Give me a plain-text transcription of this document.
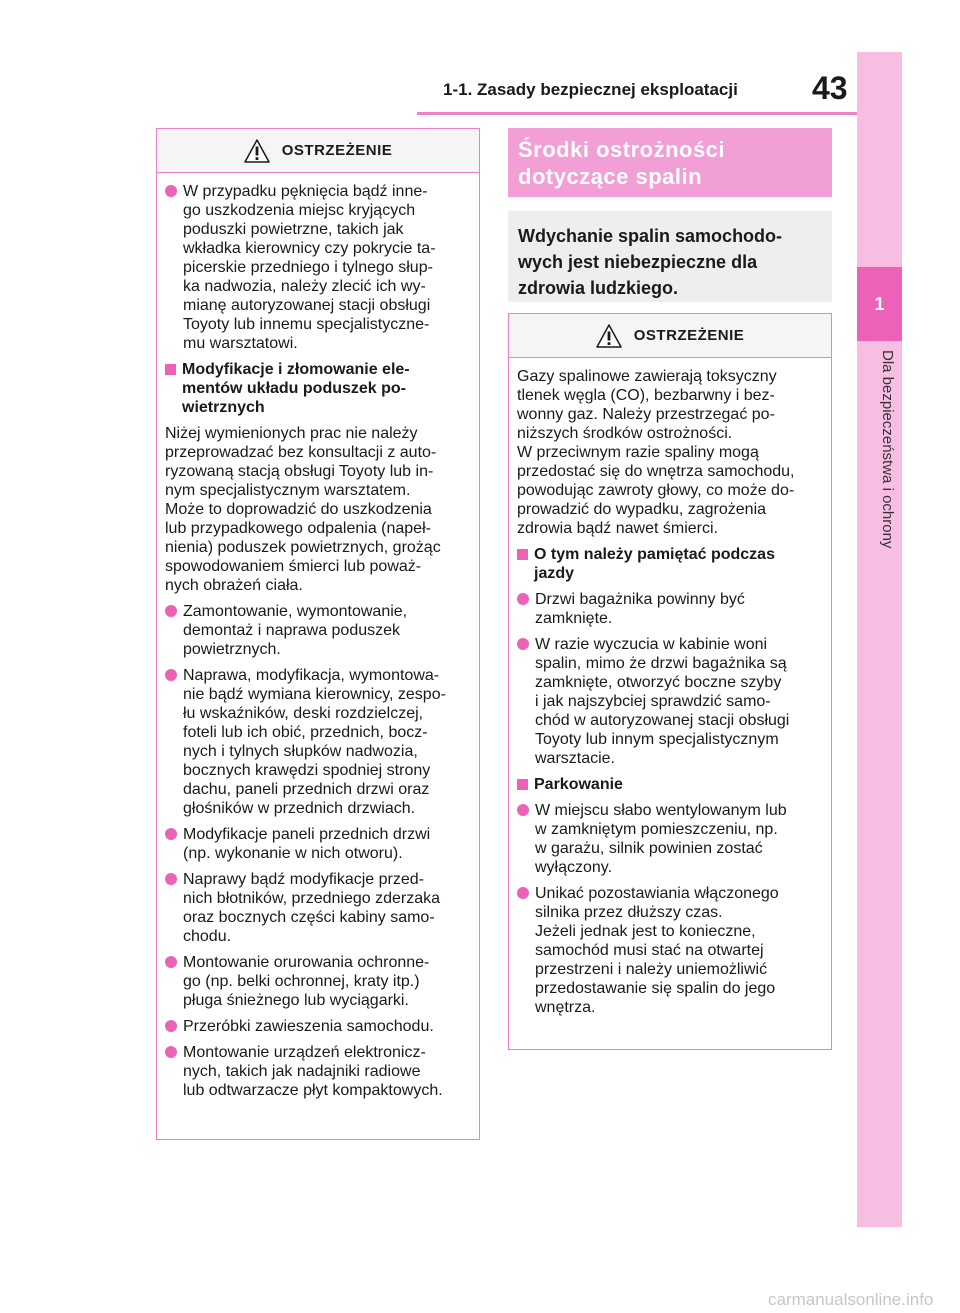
1-1. Zasady bezpiecznej eksploatacji	43
1
Dla bezpieczeństwa i ochrony
OSTRZEŻENIE
W przypadku pęknięcia bądź inne-
go uszkodzenia miejsc kryjących
poduszki powietrzne, takich jak
wkładka kierownicy czy pokrycie ta-
picerskie przedniego i tylnego słup-
ka nadwozia, należy zlecić ich wy-
mianę autoryzowanej stacji obsługi
Toyoty lub innemu specjalistyczne-
mu warsztatowi.
Modyfikacje i złomowanie ele-
mentów układu poduszek po-
wietrznych
Niżej wymienionych prac nie należy
przeprowadzać bez konsultacji z auto-
ryzowaną stacją obsługi Toyoty lub in-
nym specjalistycznym warsztatem.
Może to doprowadzić do uszkodzenia
lub przypadkowego odpalenia (napeł-
nienia) poduszek powietrznych, grożąc
spowodowaniem śmierci lub poważ-
nych obrażeń ciała.
Zamontowanie, wymontowanie,
demontaż i naprawa poduszek
powietrznych.
Naprawa, modyfikacja, wymontowa-
nie bądź wymiana kierownicy, zespo-
łu wskaźników, deski rozdzielczej,
foteli lub ich obić, przednich, bocz-
nych i tylnych słupków nadwozia,
bocznych krawędzi spodniej strony
dachu, paneli przednich drzwi oraz
głośników w przednich drzwiach.
Modyfikacje paneli przednich drzwi
(np. wykonanie w nich otworu).
Naprawy bądź modyfikacje przed-
nich błotników, przedniego zderzaka
oraz bocznych części kabiny samo-
chodu.
Montowanie orurowania ochronne-
go (np. belki ochronnej, kraty itp.)
pługa śnieżnego lub wyciągarki.
Przeróbki zawieszenia samochodu.
Montowanie urządzeń elektronicz-
nych, takich jak nadajniki radiowe
lub odtwarzacze płyt kompaktowych.
Środki ostrożności
dotyczące spalin
Wdychanie spalin samochodo-
wych jest niebezpieczne dla
zdrowia ludzkiego.
OSTRZEŻENIE
Gazy spalinowe zawierają toksyczny
tlenek węgla (CO), bezbarwny i bez-
wonny gaz. Należy przestrzegać po-
niższych środków ostrożności.
W przeciwnym razie spaliny mogą
przedostać się do wnętrza samochodu,
powodując zawroty głowy, co może do-
prowadzić do wypadku, zagrożenia
zdrowia bądź nawet śmierci.
O tym należy pamiętać podczas
jazdy
Drzwi bagażnika powinny być
zamknięte.
W razie wyczucia w kabinie woni
spalin, mimo że drzwi bagażnika są
zamknięte, otworzyć boczne szyby
i jak najszybciej sprawdzić samo-
chód w autoryzowanej stacji obsługi
Toyoty lub innym specjalistycznym
warsztacie.
Parkowanie
W miejscu słabo wentylowanym lub
w zamkniętym pomieszczeniu, np.
w garażu, silnik powinien zostać
wyłączony.
Unikać pozostawiania włączonego
silnika przez dłuższy czas.
Jeżeli jednak jest to konieczne,
samochód musi stać na otwartej
przestrzeni i należy uniemożliwić
przedostawanie się spalin do jego
wnętrza.
carmanualsonline.info
